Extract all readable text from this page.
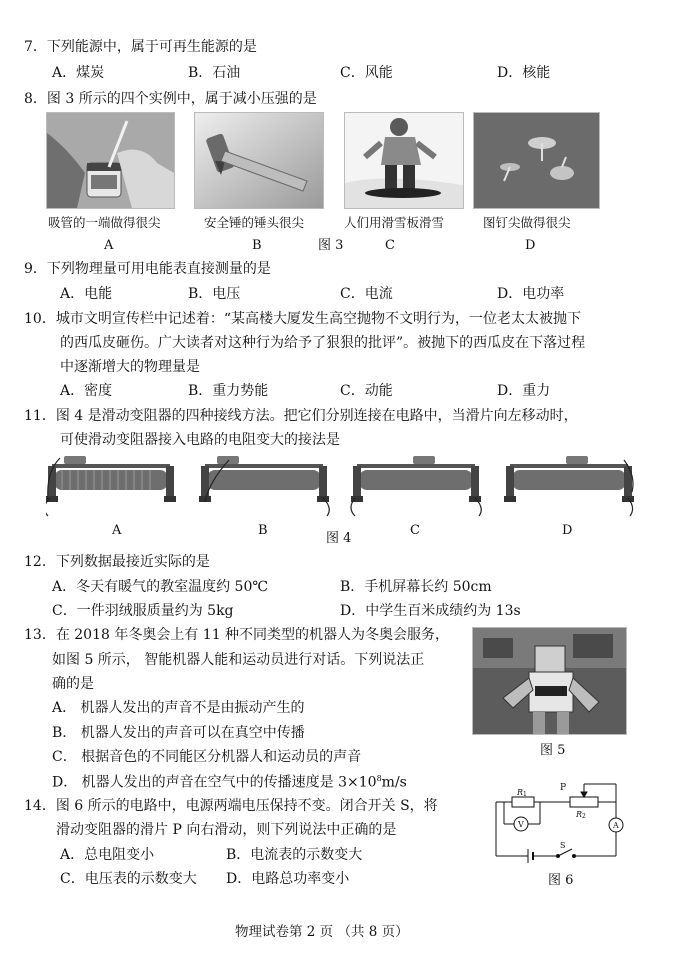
7．下列能源中，属于可再生能源的是
A．煤炭	B．石油	C．风能	D．核能
8．图 3 所示的四个实例中，属于减小压强的是
吸管的一端做得很尖	安全锤的锤头很尖	人们用滑雪板滑雪	图钉尖做得很尖
A	B	图 3	C	D
9．下列物理量可用电能表直接测量的是
A．电能	B．电压	C．电流	D．电功率
10．城市文明宣传栏中记述着：“某高楼大厦发生高空抛物不文明行为，一位老太太被抛下
的西瓜皮砸伤。广大读者对这种行为给予了狠狠的批评”。被抛下的西瓜皮在下落过程
中逐渐增大的物理量是
A．密度	B．重力势能	C．动能	D．重力
11．图 4 是滑动变阻器的四种接线方法。把它们分别连接在电路中，当滑片向左移动时，
可使滑动变阻器接入电路的电阻变大的接法是
A	B
图 4
C	D
12．下列数据最接近实际的是
A．冬天有暖气的教室温度约 50℃	B．手机屏幕长约 50cm
C．一件羽绒服质量约为 5kg	D．中学生百米成绩约为 13s
13．在 2018 年冬奥会上有 11 种不同类型的机器人为冬奥会服务，
如图 5 所示， 智能机器人能和运动员进行对话。下列说法正
确的是
A． 机器人发出的声音不是由振动产生的
B． 机器人发出的声音可以在真空中传播
C． 根据音色的不同能区分机器人和运动员的声音
D． 机器人发出的声音在空气中的传播速度是 $3\times 10^8m/s$
图 5
14．图 6 所示的电路中，电源两端电压保持不变。闭合开关 S，将
滑动变阻器的滑片 P 向右滑动，则下列说法中正确的是
A．总电阻变小	B．电流表的示数变大
C．电压表的示数变大 D．电路总功率变小
P
R 1
R 2
V	A
S
图 6
物理试卷第 2 页 （共 8 页）
